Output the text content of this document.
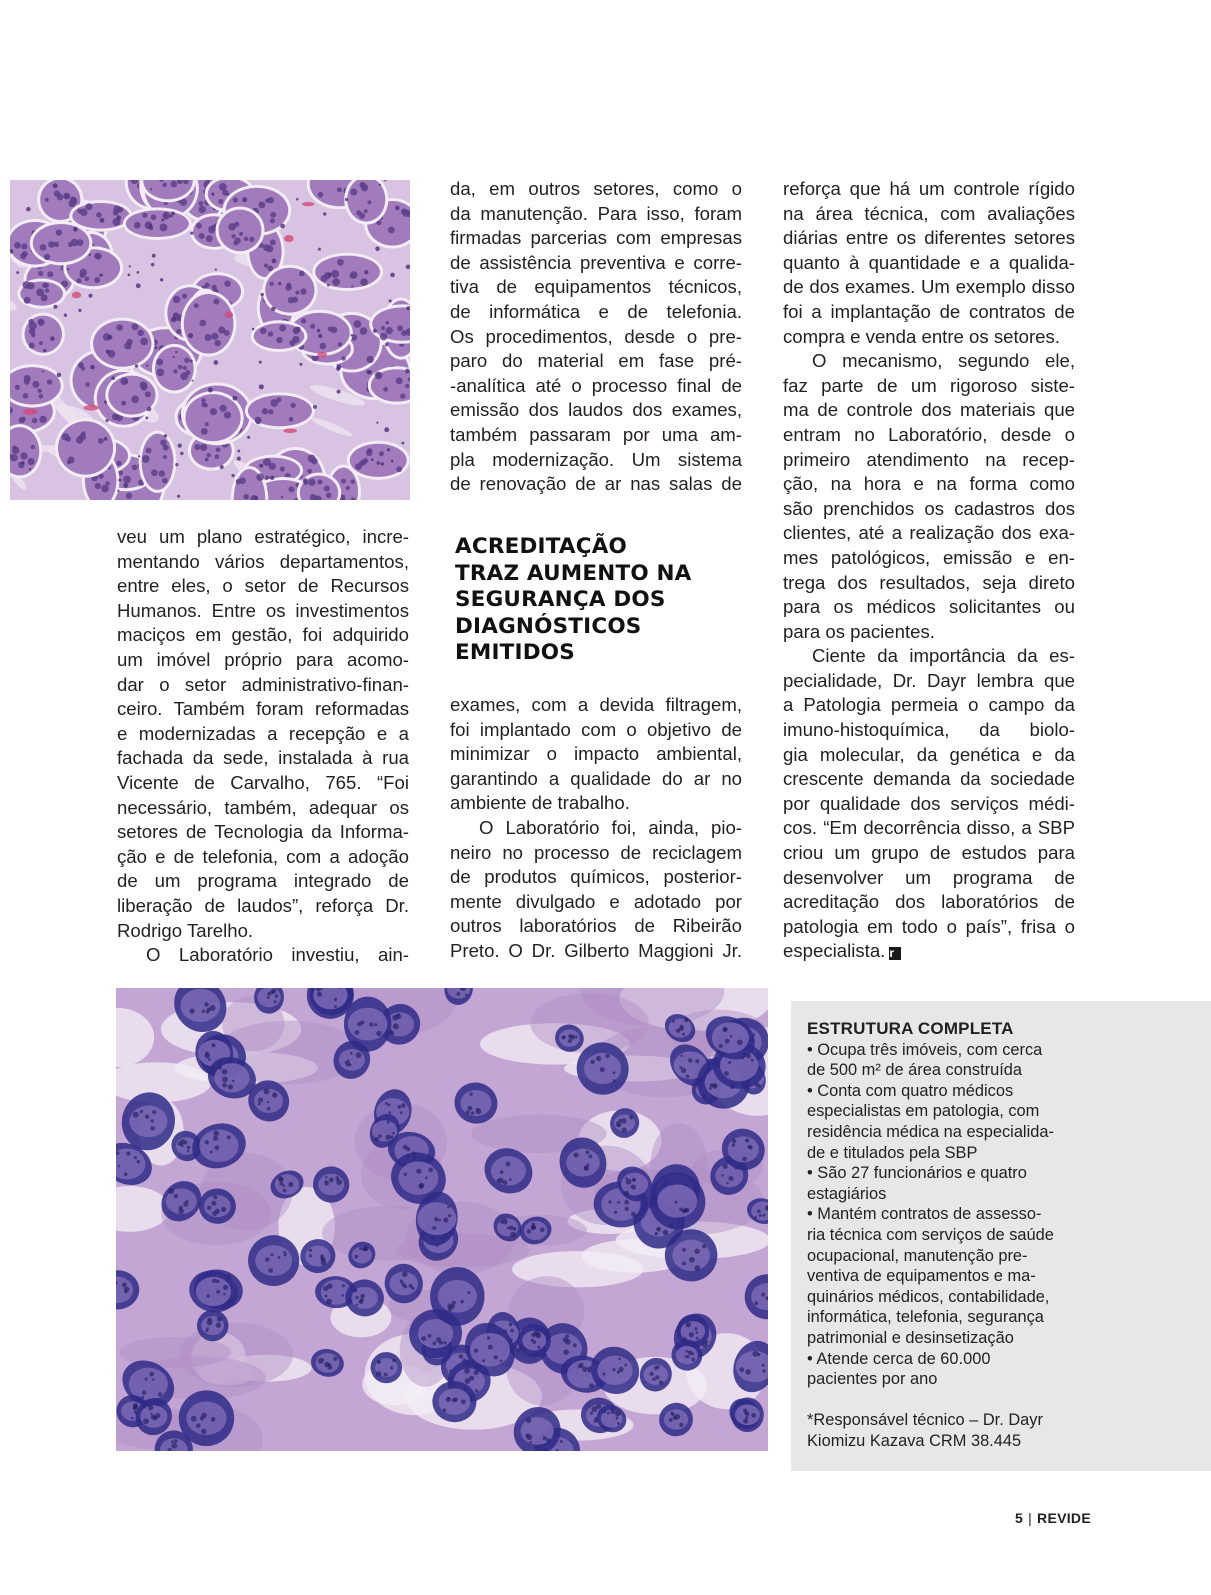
veu um plano estratégico, incre-
mentando vários departamentos,
entre eles, o setor de Recursos
Humanos. Entre os investimentos
maciços em gestão, foi adquirido
um imóvel próprio para acomo-
dar o setor administrativo-finan-
ceiro. Também foram reformadas
e modernizadas a recepção e a
fachada da sede, instalada à rua
Vicente de Carvalho, 765. “Foi
necessário, também, adequar os
setores de Tecnologia da Informa-
ção e de telefonia, com a adoção
de um programa integrado de
liberação de laudos”, reforça Dr.
Rodrigo Tarelho.
O Laboratório investiu, ain-
da, em outros setores, como o
da manutenção. Para isso, foram
firmadas parcerias com empresas
de assistência preventiva e corre-
tiva de equipamentos técnicos,
de informática e de telefonia.
Os procedimentos, desde o pre-
paro do material em fase pré-
-analítica até o processo final de
emissão dos laudos dos exames,
também passaram por uma am-
pla modernização. Um sistema
de renovação de ar nas salas de
ACREDITAÇÃO
TRAZ AUMENTO NA
SEGURANÇA DOS
DIAGNÓSTICOS
EMITIDOS
exames, com a devida filtragem,
foi implantado com o objetivo de
minimizar o impacto ambiental,
garantindo a qualidade do ar no
ambiente de trabalho.
O Laboratório foi, ainda, pio-
neiro no processo de reciclagem
de produtos químicos, posterior-
mente divulgado e adotado por
outros laboratórios de Ribeirão
Preto. O Dr. Gilberto Maggioni Jr.
reforça que há um controle rígido
na área técnica, com avaliações
diárias entre os diferentes setores
quanto à quantidade e a qualida-
de dos exames. Um exemplo disso
foi a implantação de contratos de
compra e venda entre os setores.
O mecanismo, segundo ele,
faz parte de um rigoroso siste-
ma de controle dos materiais que
entram no Laboratório, desde o
primeiro atendimento na recep-
ção, na hora e na forma como
são prenchidos os cadastros dos
clientes, até a realização dos exa-
mes patológicos, emissão e en-
trega dos resultados, seja direto
para os médicos solicitantes ou
para os pacientes.
Ciente da importância da es-
pecialidade, Dr. Dayr lembra que
a Patologia permeia o campo da
imuno-histoquímica, da biolo-
gia molecular, da genética e da
crescente demanda da sociedade
por qualidade dos serviços médi-
cos. “Em decorrência disso, a SBP
criou um grupo de estudos para
desenvolver um programa de
acreditação dos laboratórios de
patologia em todo o país”, frisa o
especialista. r
ESTRUTURA COMPLETA
• Ocupa três imóveis, com cerca
de 500 m² de área construída
• Conta com quatro médicos
especialistas em patologia, com
residência médica na especialida-
de e titulados pela SBP
• São 27 funcionários e quatro
estagiários
• Mantém contratos de assesso-
ria técnica com serviços de saúde
ocupacional, manutenção pre-
ventiva de equipamentos e ma-
quinários médicos, contabilidade,
informática, telefonia, segurança
patrimonial e desinsetização
• Atende cerca de 60.000
pacientes por ano
*Responsável técnico – Dr. Dayr
Kiomizu Kazava CRM 38.445
5 | REVIDE
